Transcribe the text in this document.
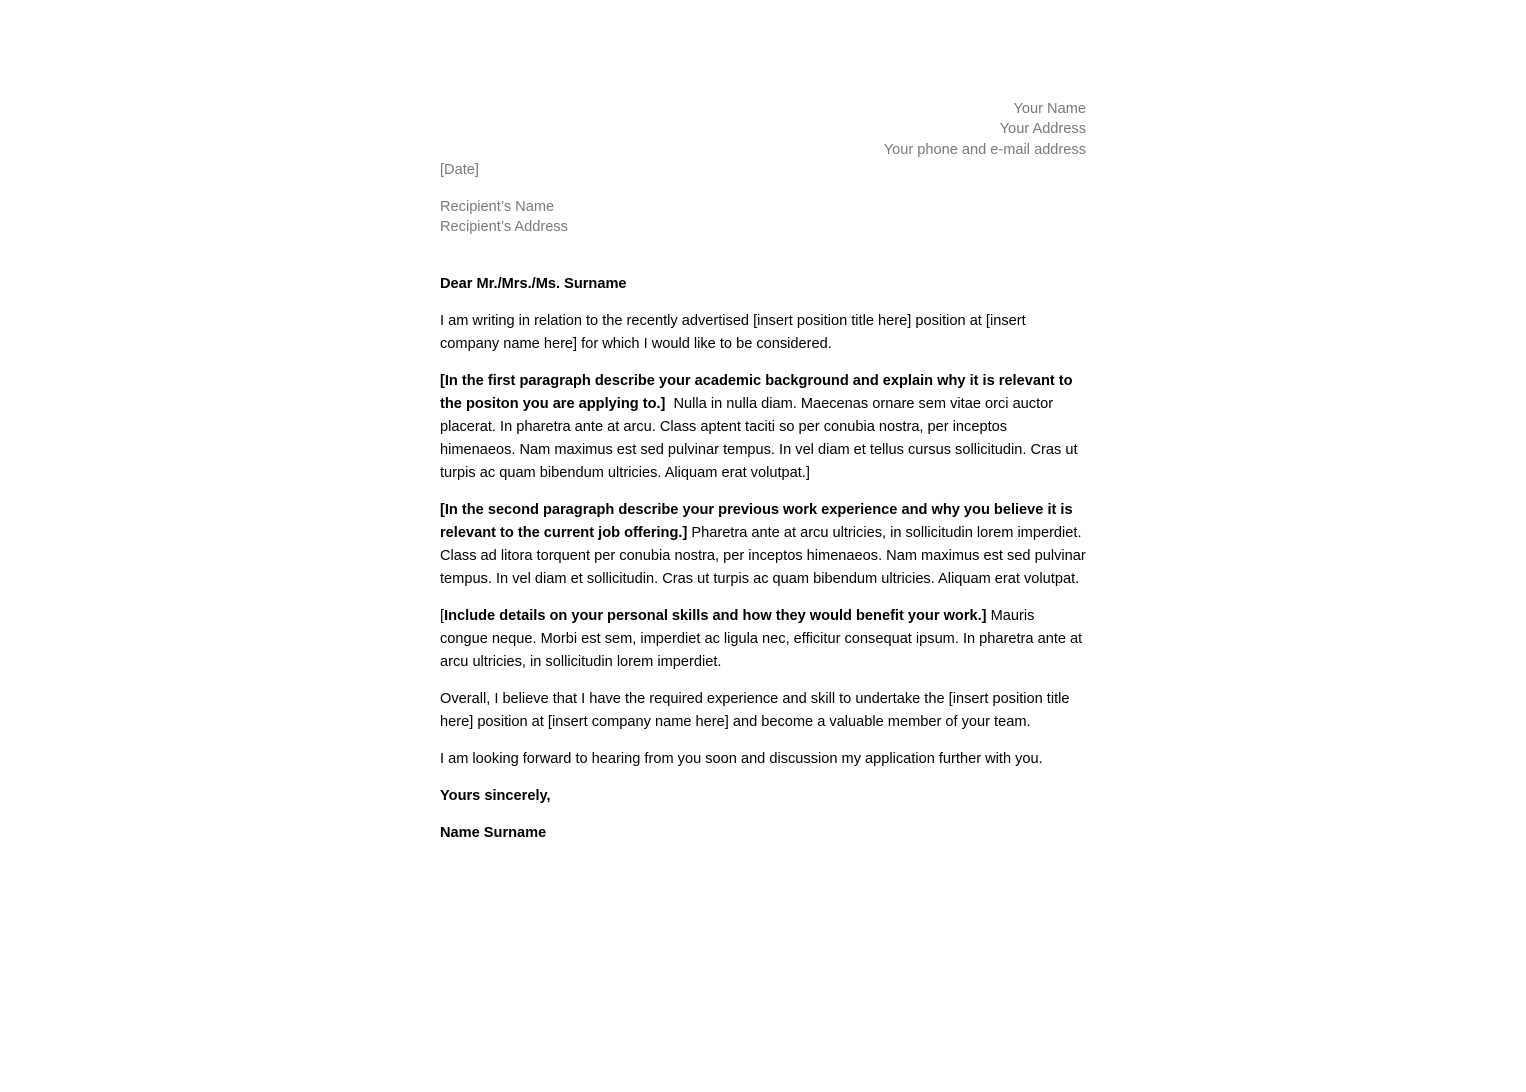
Your Name
Your Address
Your phone and e-mail address
[Date]
Recipient’s Name
Recipient’s Address

Dear Mr./Mrs./Ms. Surname

I am writing in relation to the recently advertised [insert position title here] position at [insert company name here] for which I would like to be considered.

[In the first paragraph describe your academic background and explain why it is relevant to the positon you are applying to.]  Nulla in nulla diam. Maecenas ornare sem vitae orci auctor placerat. In pharetra ante at arcu. Class aptent taciti so per conubia nostra, per inceptos himenaeos. Nam maximus est sed pulvinar tempus. In vel diam et tellus cursus sollicitudin. Cras ut turpis ac quam bibendum ultricies. Aliquam erat volutpat.]

[In the second paragraph describe your previous work experience and why you believe it is relevant to the current job offering.] Pharetra ante at arcu ultricies, in sollicitudin lorem imperdiet. Class ad litora torquent per conubia nostra, per inceptos himenaeos. Nam maximus est sed pulvinar tempus. In vel diam et sollicitudin. Cras ut turpis ac quam bibendum ultricies. Aliquam erat volutpat.

[Include details on your personal skills and how they would benefit your work.] Mauris congue neque. Morbi est sem, imperdiet ac ligula nec, efficitur consequat ipsum. In pharetra ante at arcu ultricies, in sollicitudin lorem imperdiet.

Overall, I believe that I have the required experience and skill to undertake the [insert position title here] position at [insert company name here] and become a valuable member of your team.

I am looking forward to hearing from you soon and discussion my application further with you.

Yours sincerely,

Name Surname
